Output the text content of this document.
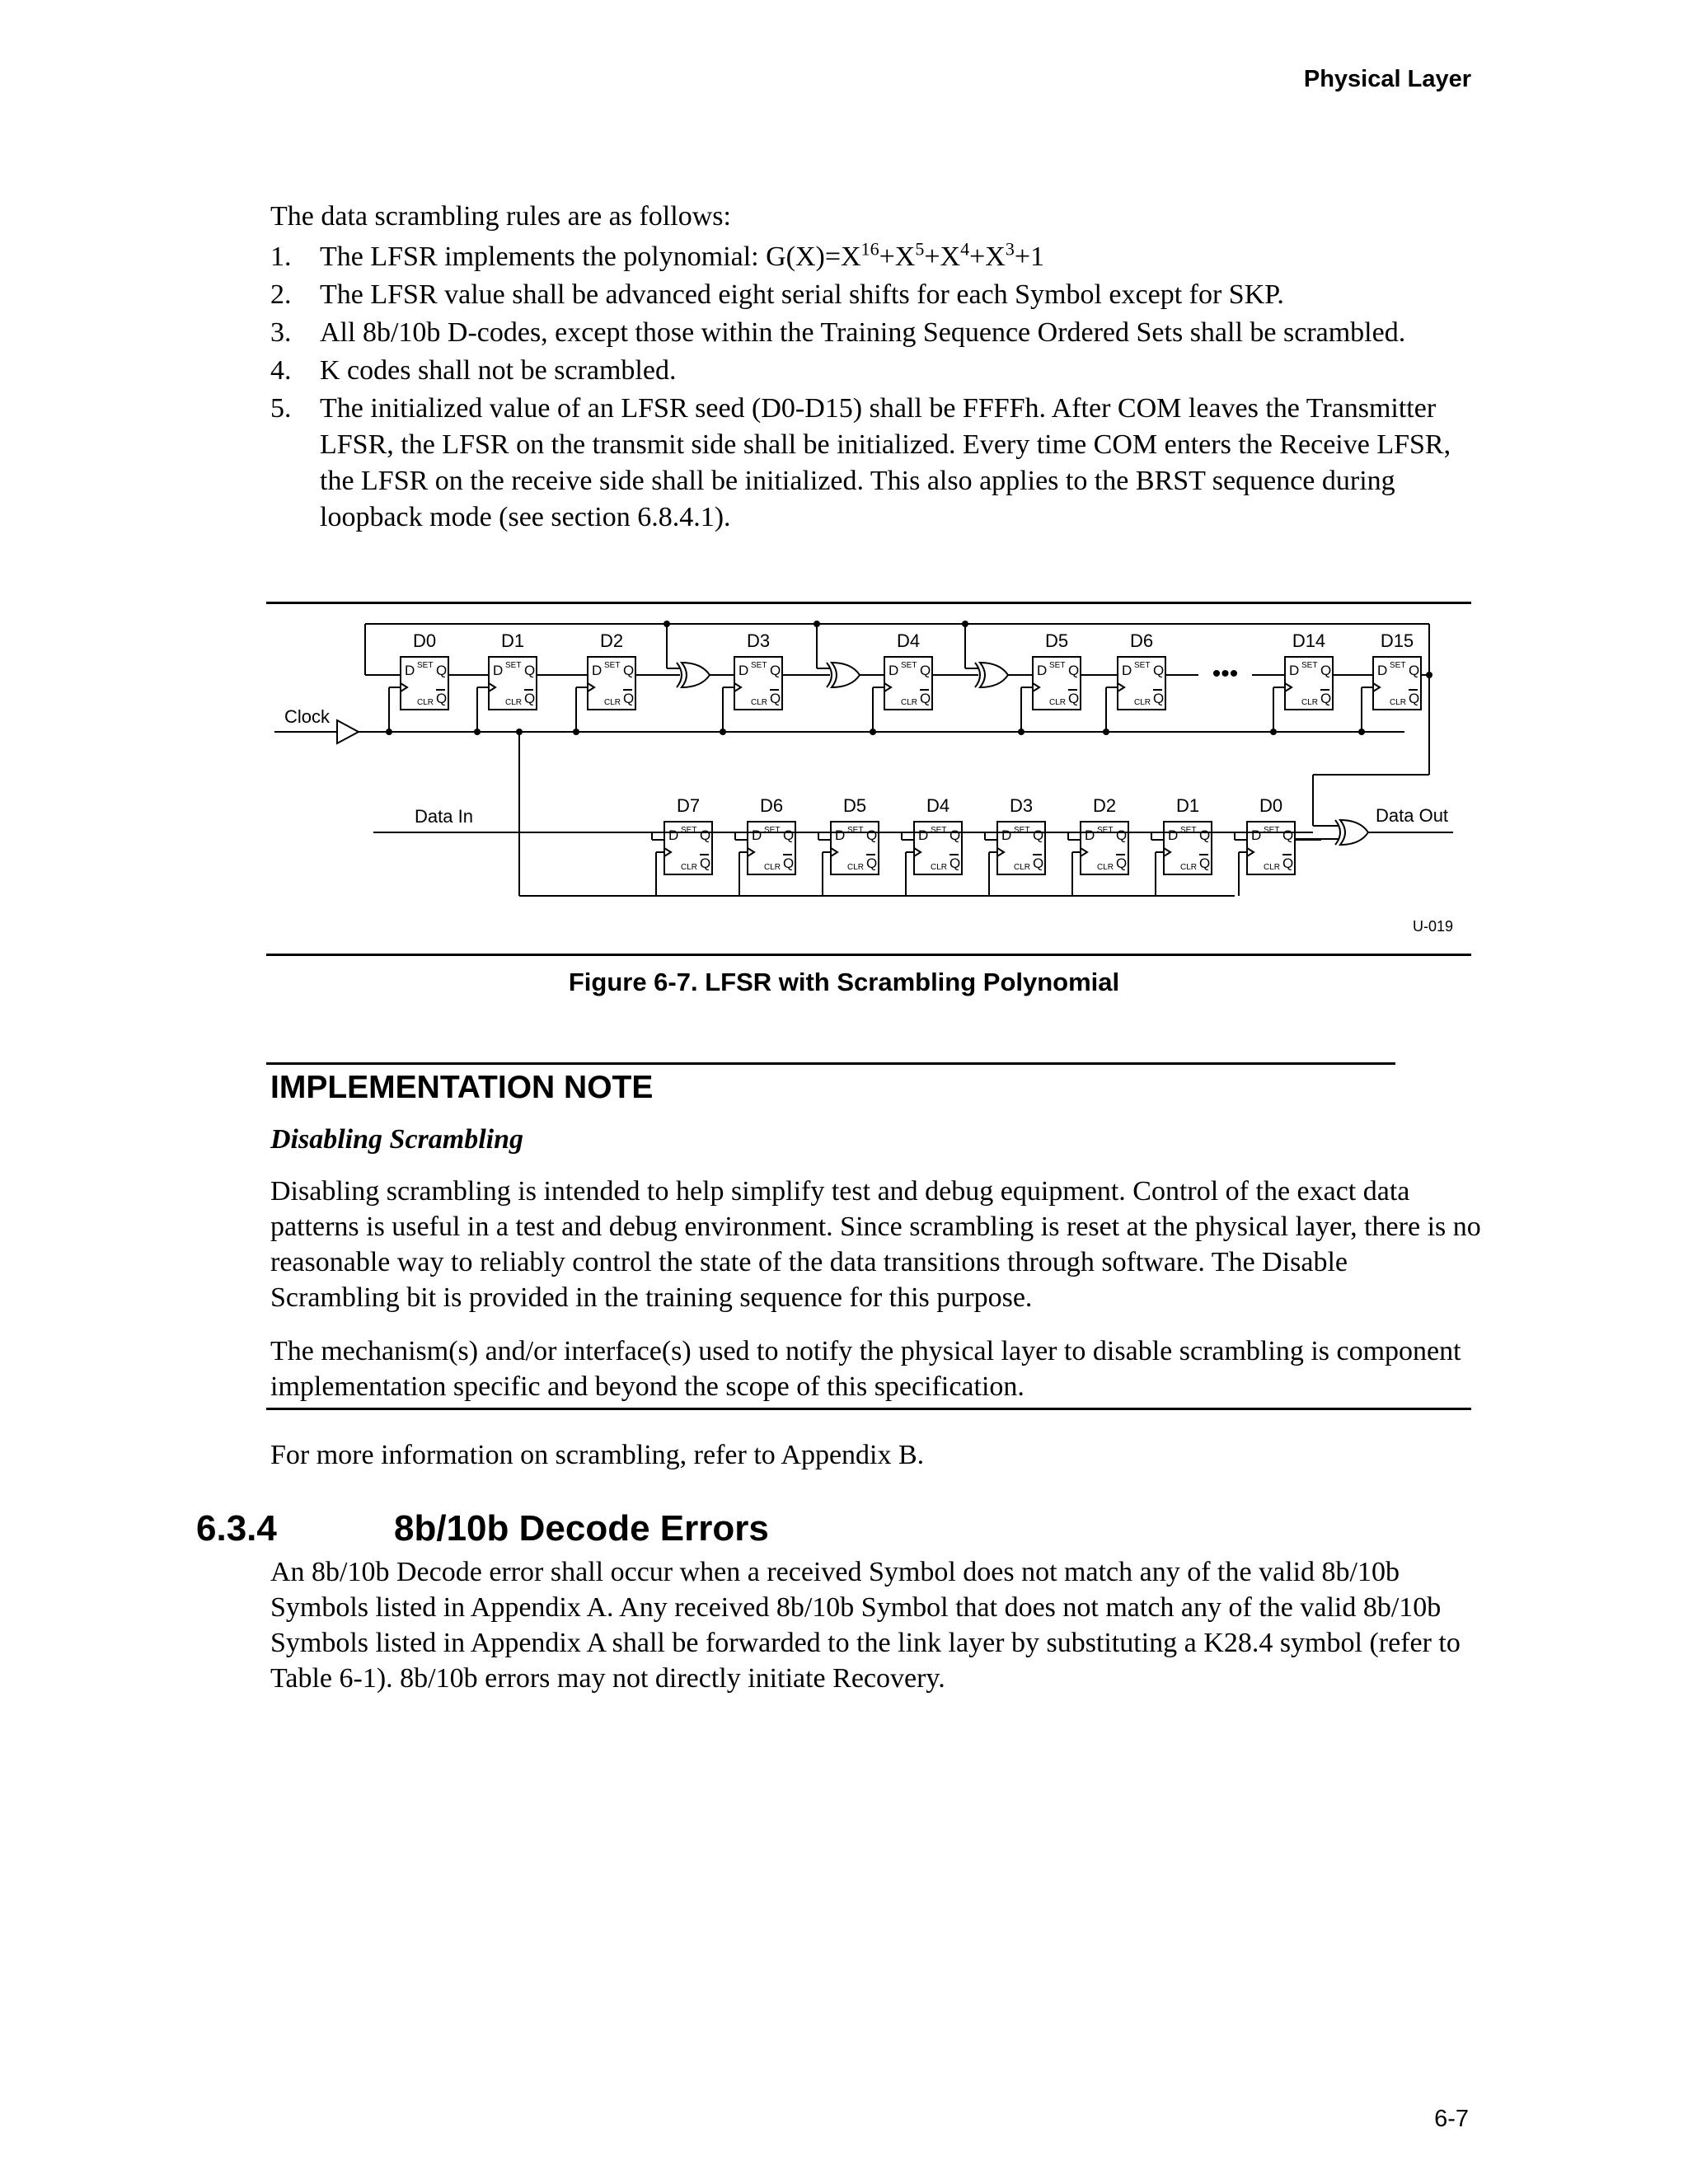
Physical Layer
The data scrambling rules are as follows:
1.	The LFSR implements the polynomial: $G(X)=X^{16}+X^5+X^4+X^3+1$
2.	The LFSR value shall be advanced eight serial shifts for each Symbol except for SKP.
3.	All 8b/10b D-codes, except those within the Training Sequence Ordered Sets shall be scrambled.
4.	K codes shall not be scrambled.
5.	The initialized value of an LFSR seed (D0-D15) shall be FFFFh. After COM leaves the Transmitter LFSR, the LFSR on the transmit side shall be initialized. Every time COM enters the Receive LFSR, the LFSR on the receive side shall be initialized. This also applies to the BRST sequence during loopback mode (see section 6.8.4.1).
D SET Q
CLR Q
D0
D SET Q
CLR Q
D1
D SET Q
CLR Q
D2
D SET Q
CLR Q
D3
D SET Q
CLR Q
D4
D SET Q
CLR Q
D5
D SET Q
CLR Q
D6
D SET Q
CLR Q
D14
D SET Q
CLR Q
D15
•••
Clock
D SET Q
CLR Q
D7
D SET Q
CLR Q
D6
D SET Q
CLR Q
D5
D SET Q
CLR Q
D4
D SET Q
CLR Q
D3
D SET Q
CLR Q
D2
D SET Q
CLR Q
D1
D SET Q
CLR Q
D0
Data In	Data Out
U-019
Figure 6-7. LFSR with Scrambling Polynomial
IMPLEMENTATION NOTE
Disabling Scrambling
Disabling scrambling is intended to help simplify test and debug equipment. Control of the exact data patterns is useful in a test and debug environment. Since scrambling is reset at the physical layer, there is no reasonable way to reliably control the state of the data transitions through software. The Disable Scrambling bit is provided in the training sequence for this purpose.
The mechanism(s) and/or interface(s) used to notify the physical layer to disable scrambling is component implementation specific and beyond the scope of this specification.
For more information on scrambling, refer to Appendix B.
6.3.4	8b/10b Decode Errors
An 8b/10b Decode error shall occur when a received Symbol does not match any of the valid 8b/10b Symbols listed in Appendix A. Any received 8b/10b Symbol that does not match any of the valid 8b/10b Symbols listed in Appendix A shall be forwarded to the link layer by substituting a K28.4 symbol (refer to Table 6-1). 8b/10b errors may not directly initiate Recovery.
6-7
